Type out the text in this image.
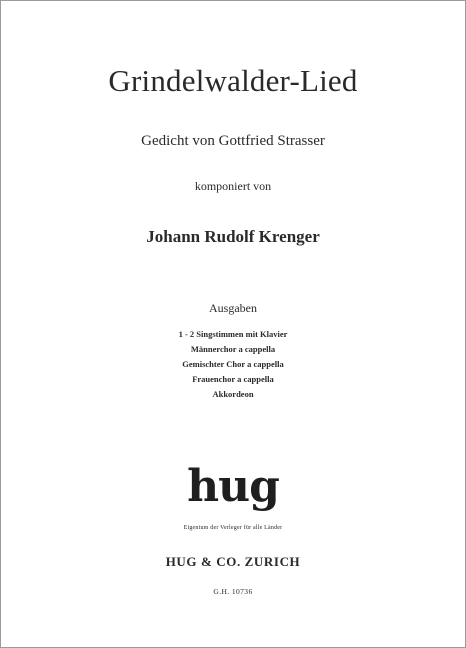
Grindelwalder-Lied
Gedicht von Gottfried Strasser
komponiert von
Johann Rudolf Krenger
Ausgaben
1 - 2 Singstimmen mit Klavier
Männerchor a cappella
Gemischter Chor a cappella
Frauenchor a cappella
Akkordeon
hug
Eigentum der Verleger für alle Länder
HUG & CO. ZURICH
G.H. 10736
